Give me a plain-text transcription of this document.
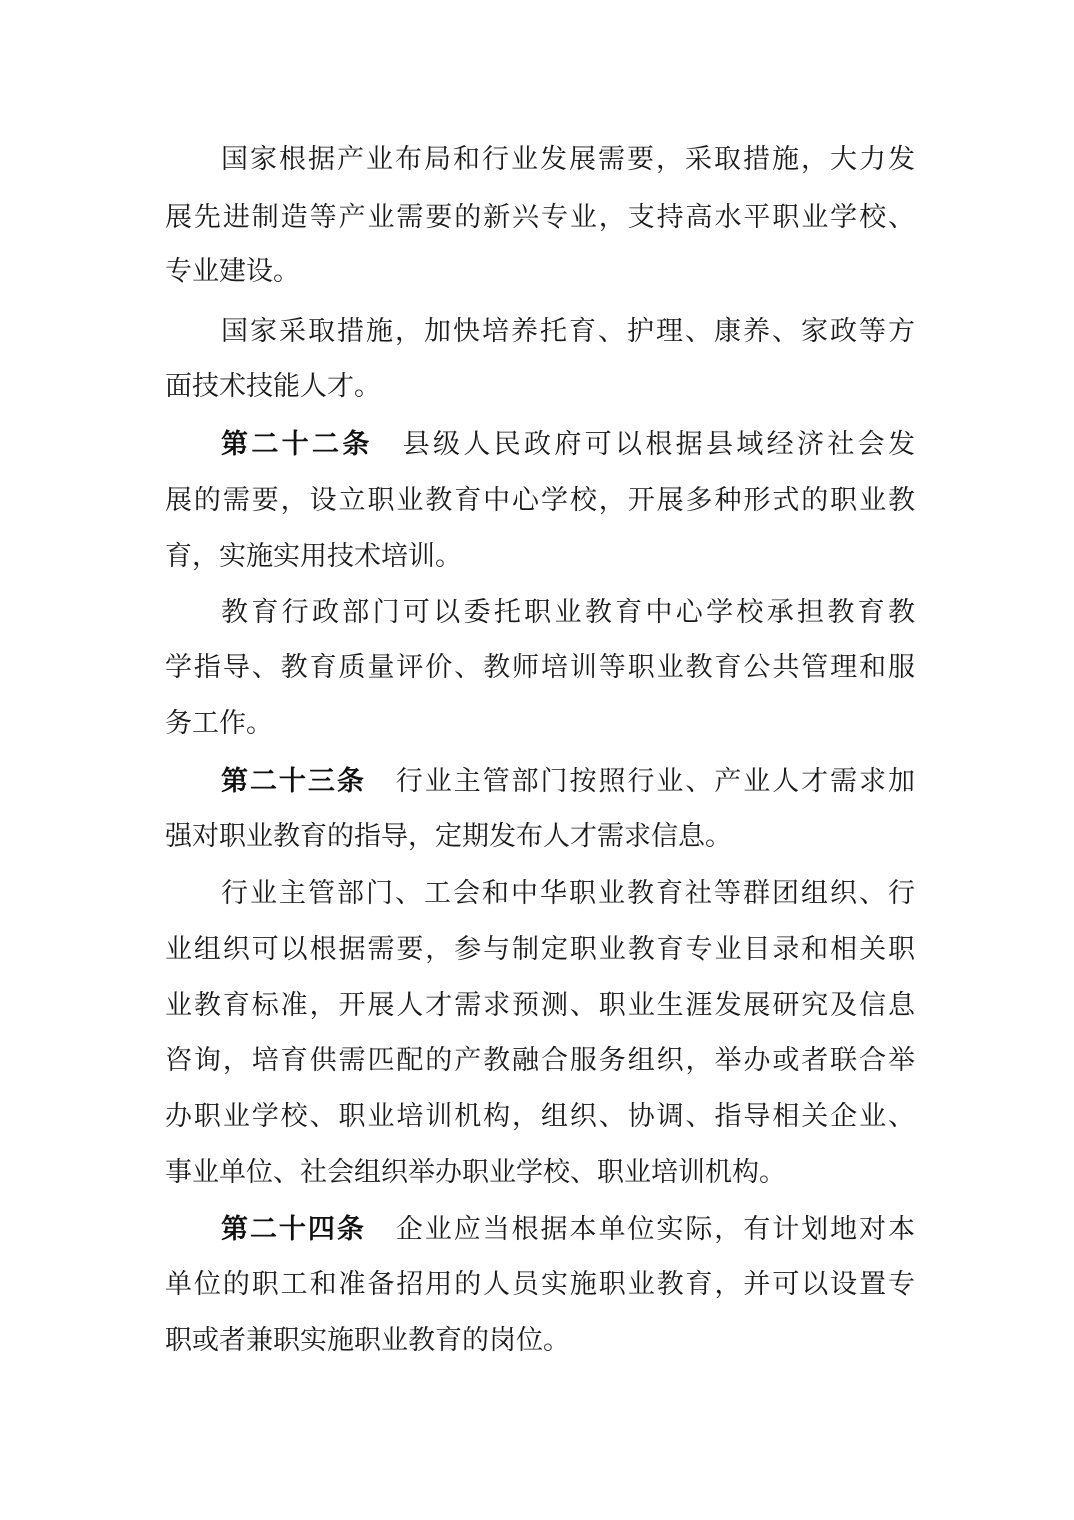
国家根据产业布局和行业发展需要，采取措施，大力发
展先进制造等产业需要的新兴专业，支持高水平职业学校、
专业建设。
国家采取措施，加快培养托育、护理、康养、家政等方
面技术技能人才。
第二十二条 县级人民政府可以根据县域经济社会发
展的需要，设立职业教育中心学校，开展多种形式的职业教
育，实施实用技术培训。
教育行政部门可以委托职业教育中心学校承担教育教
学指导、教育质量评价、教师培训等职业教育公共管理和服
务工作。
第二十三条 行业主管部门按照行业、产业人才需求加
强对职业教育的指导，定期发布人才需求信息。
行业主管部门、工会和中华职业教育社等群团组织、行
业组织可以根据需要，参与制定职业教育专业目录和相关职
业教育标准，开展人才需求预测、职业生涯发展研究及信息
咨询，培育供需匹配的产教融合服务组织，举办或者联合举
办职业学校、职业培训机构，组织、协调、指导相关企业、
事业单位、社会组织举办职业学校、职业培训机构。
第二十四条 企业应当根据本单位实际，有计划地对本
单位的职工和准备招用的人员实施职业教育，并可以设置专
职或者兼职实施职业教育的岗位。
